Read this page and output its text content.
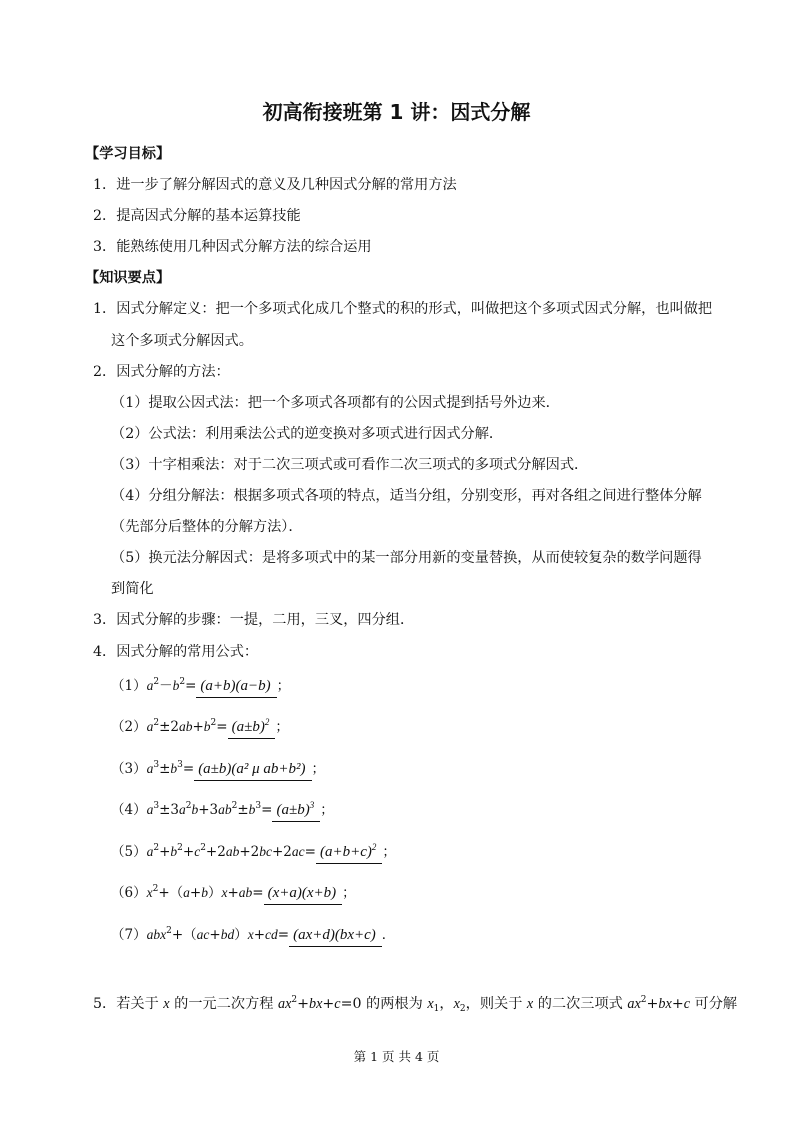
初高衔接班第 1 讲：因式分解
【学习目标】
1．进一步了解分解因式的意义及几种因式分解的常用方法
2．提高因式分解的基本运算技能
3．能熟练使用几种因式分解方法的综合运用
【知识要点】
1．因式分解定义：把一个多项式化成几个整式的积的形式，叫做把这个多项式因式分解，也叫做把
这个多项式分解因式。
2．因式分解的方法：
（1）提取公因式法：把一个多项式各项都有的公因式提到括号外边来．
（2）公式法：利用乘法公式的逆变换对多项式进行因式分解．
（3）十字相乘法：对于二次三项式或可看作二次三项式的多项式分解因式．
（4）分组分解法：根据多项式各项的特点，适当分组，分别变形，再对各组之间进行整体分解
（先部分后整体的分解方法）．
（5）换元法分解因式：是将多项式中的某一部分用新的变量替换，从而使较复杂的数学问题得
到简化
3．因式分解的步骤：一提，二用，三叉，四分组．
4．因式分解的常用公式：
$(1)a^2-b^2= (a+b)(a-b)$ ；
$(2)a^2\pm 2ab+b^2= (a\pm b)^2$ ；
$(3)a^3\pm b^3= (a\pm b)(a^2$ μ ab+b²) ；
$(4)a^3\pm 3a^2b+3ab^2\pm b^3= (a\pm b)^3$ ；
$(5)a^2+b^2+c^2+2ab+2bc+2ac= (a+b+c)^2$ ；
$(6)x^2+(a+b)x+ab= (x+a)(x+b)$ ；
（7）abx$^2$+（ac+bd）x+cd= (ax+d)(bx+c) ．
5．若关于 x 的一元二次方程 $ax^2+bx+c=0$ 的两根为 $x_1$，$x_2$，则关于 x 的二次三项式 $ax^2+bx+c$ 可分解
第 1 页 共 4 页
